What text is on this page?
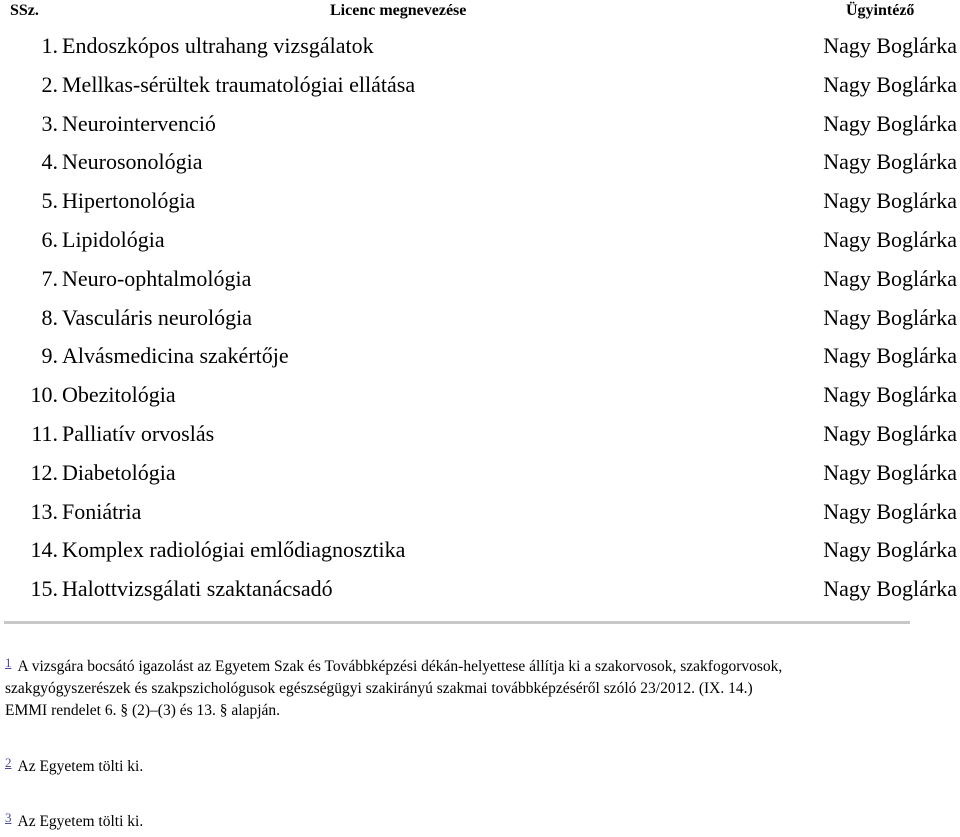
SSz.	Licenc megnevezése	Ügyintéző
1. Endoszkópos ultrahang vizsgálatok	Nagy Boglárka
2. Mellkas-sérültek traumatológiai ellátása	Nagy Boglárka
3. Neurointervenció	Nagy Boglárka
4. Neurosonológia	Nagy Boglárka
5. Hipertonológia	Nagy Boglárka
6. Lipidológia	Nagy Boglárka
7. Neuro-ophtalmológia	Nagy Boglárka
8. Vasculáris neurológia	Nagy Boglárka
9. Alvásmedicina szakértője	Nagy Boglárka
10. Obezitológia	Nagy Boglárka
11. Palliatív orvoslás	Nagy Boglárka
12. Diabetológia	Nagy Boglárka
13. Foniátria	Nagy Boglárka
14. Komplex radiológiai emlődiagnosztika	Nagy Boglárka
15. Halottvizsgálati szaktanácsadó	Nagy Boglárka
$^1$ A vizsgára bocsátó igazolást az Egyetem Szak és Továbbképzési dékán-helyettese állítja ki a szakorvosok, szakfogorvosok,
szakgyógyszerészek és szakpszichológusok egészségügyi szakirányú szakmai továbbképzéséről szóló 23/2012. (IX. 14.)
EMMI rendelet 6. § (2)–(3) és 13. § alapján.
$^2$ Az Egyetem tölti ki.
$^3$ Az Egyetem tölti ki.
